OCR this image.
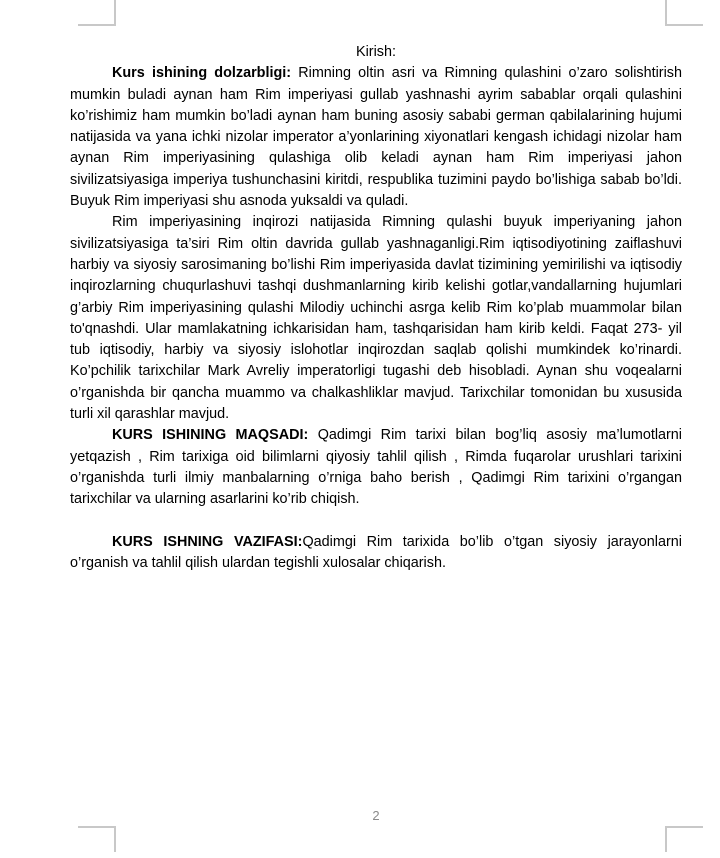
Kirish:

Kurs ishining dolzarbligi: Rimning oltin asri va Rimning qulashini o’zaro solishtirish mumkin buladi aynan ham Rim imperiyasi gullab yashnashi ayrim sabablar orqali qulashini ko’rishimiz ham mumkin bo’ladi aynan ham buning asosiy sababi german qabilalarining hujumi natijasida va yana ichki nizolar imperator a’yonlarining xiyonatlari kengash ichidagi nizolar ham aynan Rim imperiyasining qulashiga olib keladi aynan ham Rim imperiyasi jahon sivilizatsiyasiga imperiya tushunchasini kiritdi, respublika tuzimini paydo bo’lishiga sabab bo’ldi. Buyuk Rim imperiyasi shu asnoda yuksaldi va quladi.

Rim imperiyasining inqirozi natijasida Rimning qulashi buyuk imperiyaning jahon sivilizatsiyasiga ta’siri Rim oltin davrida gullab yashnaganligi.Rim iqtisodiyotining zaiflashuvi harbiy va siyosiy sarosimaning bo’lishi Rim imperiyasida davlat tizimining yemirilishi va iqtisodiy inqirozlarning chuqurlashuvi tashqi dushmanlarning kirib kelishi gotlar,vandallarning hujumlari g’arbiy Rim imperiyasining qulashi Milodiy uchinchi asrga kelib Rim ko’plab muammolar bilan to'qnashdi. Ular mamlakatning ichkarisidan ham, tashqarisidan ham kirib keldi. Faqat 273- yil tub iqtisodiy, harbiy va siyosiy islohotlar inqirozdan saqlab qolishi mumkindek ko’rinardi. Ko’pchilik tarixchilar Mark Avreliy imperatorligi tugashi deb hisobladi. Aynan shu voqealarni o’rganishda bir qancha muammo va chalkashliklar mavjud. Tarixchilar tomonidan bu xususida turli xil qarashlar mavjud.

KURS ISHINING MAQSADI: Qadimgi Rim tarixi bilan bog’liq asosiy ma’lumotlarni yetqazish , Rim tarixiga oid bilimlarni qiyosiy tahlil qilish , Rimda fuqarolar urushlari tarixini o’rganishda turli ilmiy manbalarning o’rniga baho berish , Qadimgi Rim tarixini o’rgangan tarixchilar va ularning asarlarini ko’rib chiqish.

KURS ISHNING VAZIFASI:Qadimgi Rim tarixida bo’lib o’tgan siyosiy jarayonlarni o’rganish va tahlil qilish ulardan tegishli xulosalar chiqarish.

2
